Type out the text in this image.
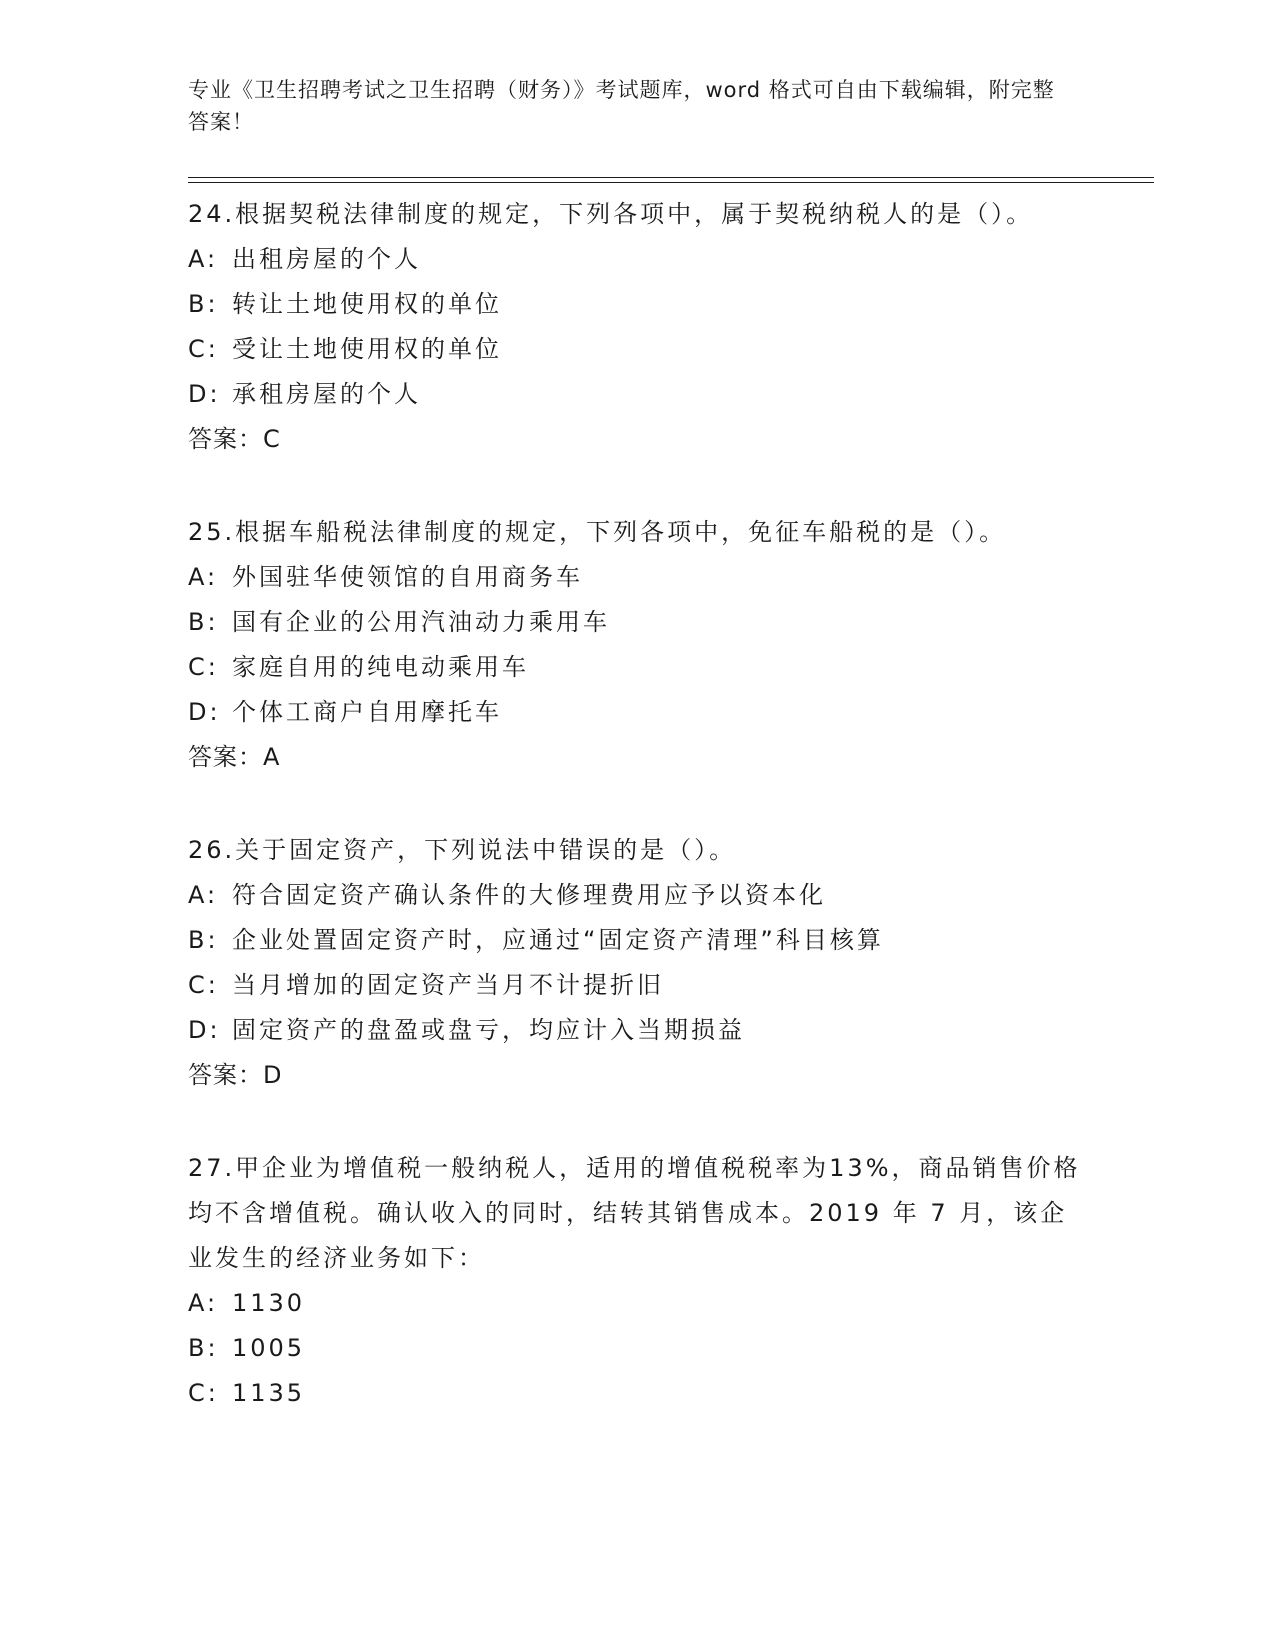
专业《卫生招聘考试之卫生招聘（财务）》考试题库，word 格式可自由下载编辑，附完整答案！

24.根据契税法律制度的规定，下列各项中，属于契税纳税人的是（）。

A: 出租房屋的个人

B: 转让土地使用权的单位

C: 受让土地使用权的单位

D: 承租房屋的个人

答案：C

25.根据车船税法律制度的规定，下列各项中，免征车船税的是（）。

A: 外国驻华使领馆的自用商务车

B: 国有企业的公用汽油动力乘用车

C: 家庭自用的纯电动乘用车

D: 个体工商户自用摩托车

答案：A

26.关于固定资产，下列说法中错误的是（）。

A: 符合固定资产确认条件的大修理费用应予以资本化

B: 企业处置固定资产时，应通过“固定资产清理”科目核算

C: 当月增加的固定资产当月不计提折旧

D: 固定资产的盘盈或盘亏，均应计入当期损益

答案：D

27.甲企业为增值税一般纳税人，适用的增值税税率为13%，商品销售价格均不含增值税。确认收入的同时，结转其销售成本。2019 年 7 月，该企业发生的经济业务如下：

A: 1130

B: 1005

C: 1135
